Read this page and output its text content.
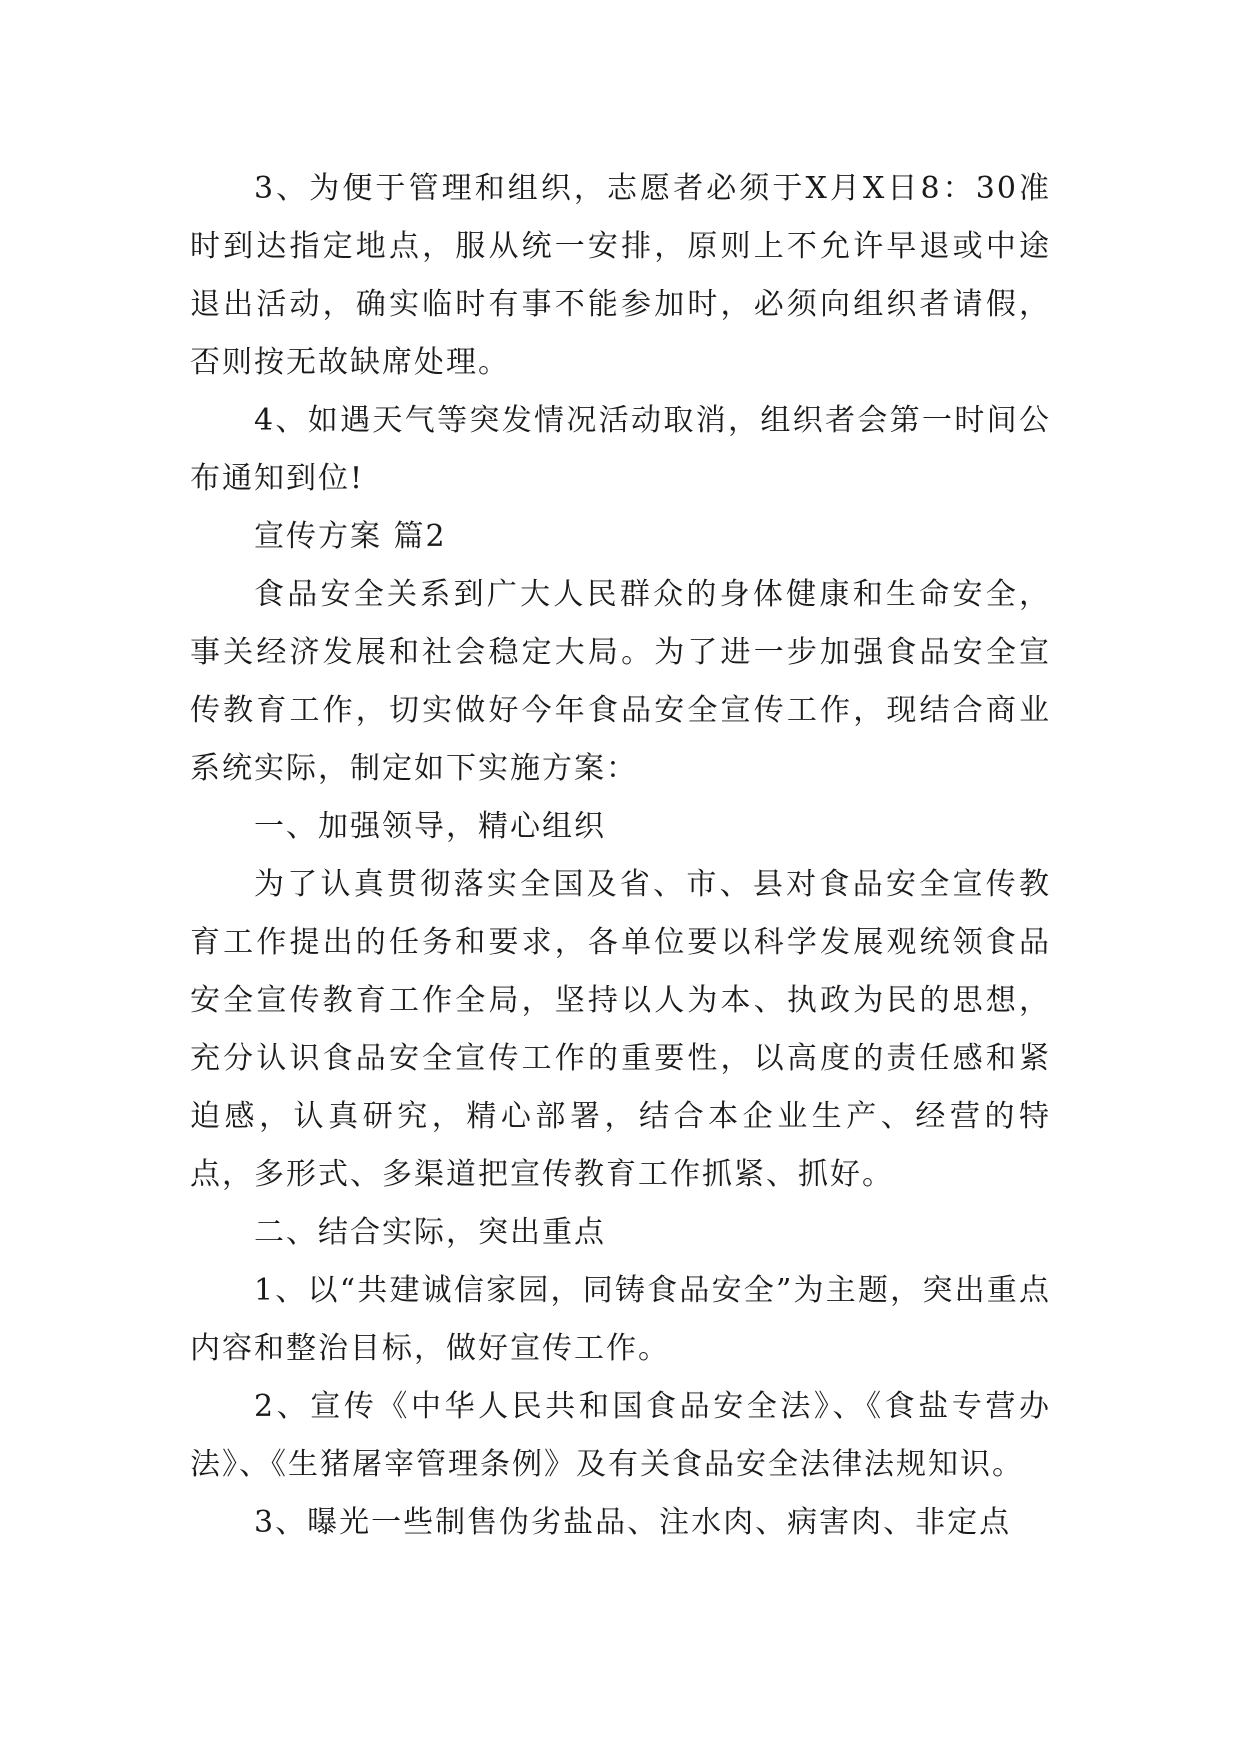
3、为便于管理和组织，志愿者必须于X月X日8：30准时到达指定地点，服从统一安排，原则上不允许早退或中途退出活动，确实临时有事不能参加时，必须向组织者请假，否则按无故缺席处理。

4、如遇天气等突发情况活动取消，组织者会第一时间公布通知到位!

宣传方案 篇2

食品安全关系到广大人民群众的身体健康和生命安全，事关经济发展和社会稳定大局。为了进一步加强食品安全宣传教育工作，切实做好今年食品安全宣传工作，现结合商业系统实际，制定如下实施方案：

一、加强领导，精心组织

为了认真贯彻落实全国及省、市、县对食品安全宣传教育工作提出的任务和要求，各单位要以科学发展观统领食品安全宣传教育工作全局，坚持以人为本、执政为民的思想，充分认识食品安全宣传工作的重要性，以高度的责任感和紧迫感，认真研究，精心部署，结合本企业生产、经营的特点，多形式、多渠道把宣传教育工作抓紧、抓好。

二、结合实际，突出重点

1、以“共建诚信家园，同铸食品安全”为主题，突出重点内容和整治目标，做好宣传工作。

2、宣传《中华人民共和国食品安全法》、《食盐专营办法》、《生猪屠宰管理条例》及有关食品安全法律法规知识。

3、曝光一些制售伪劣盐品、注水肉、病害肉、非定点
